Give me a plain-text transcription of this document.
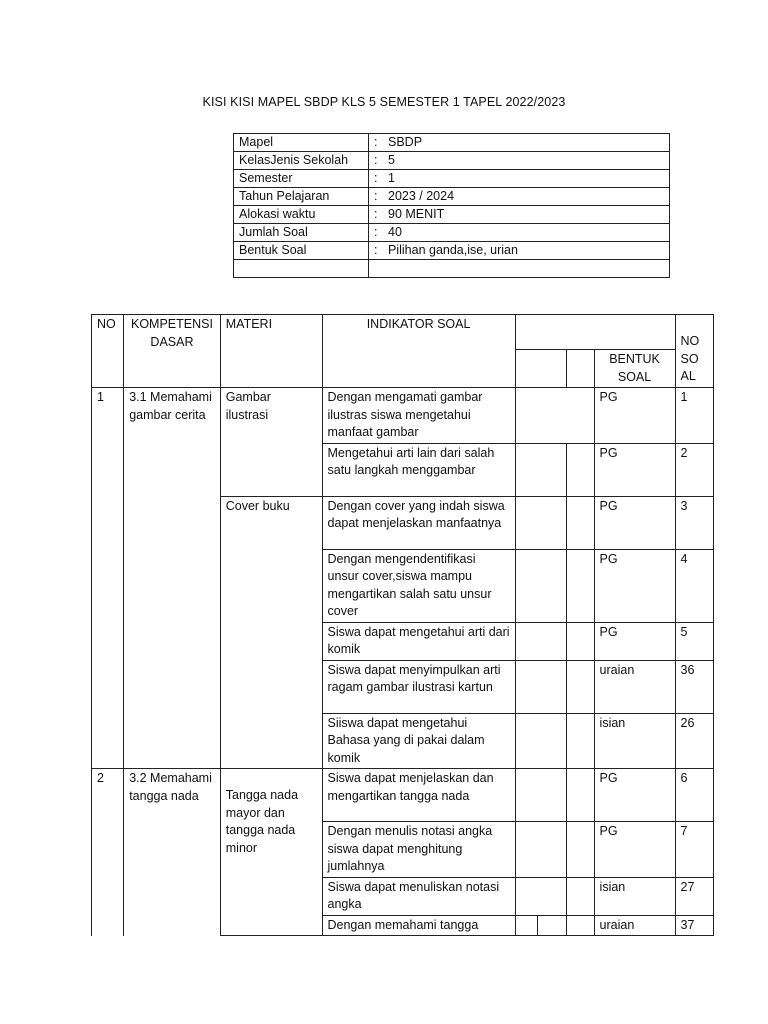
KISI KISI MAPEL SBDP KLS 5 SEMESTER 1 TAPEL 2022/2023
Mapel	: SBDP
KelasJenis Sekolah	: 5
Semester	: 1
Tahun Pelajaran	: 2023 / 2024
Alokasi waktu	: 90 MENIT
Jumlah Soal	: 40
Bentuk Soal	: Pilihan ganda,ise, urian

NO	KOMPETENSI DASAR	MATERI	INDIKATOR SOAL					NO SO AL
							BENTUK SOAL	
1	3.1 Memahami gambar cerita	Gambar ilustrasi	Dengan mengamati gambar ilustras siswa mengetahui manfaat gambar				PG	1
			Mengetahui arti lain dari salah satu langkah menggambar				PG	2
		Cover buku	Dengan cover yang indah siswa dapat menjelaskan manfaatnya				PG	3
			Dengan mengendentifikasi unsur cover,siswa mampu mengartikan salah satu unsur cover				PG	4
			Siswa dapat mengetahui arti dari komik				PG	5
			Siswa dapat menyimpulkan arti ragam gambar ilustrasi kartun				uraian	36
			Siiswa dapat mengetahui Bahasa yang di pakai dalam komik				isian	26
2	3.2 Memahami tangga nada	Tangga nada mayor dan tangga nada minor	Siswa dapat menjelaskan dan mengartikan tangga nada				PG	6
			Dengan menulis notasi angka siswa dapat menghitung jumlahnya				PG	7
			Siswa dapat menuliskan notasi angka				isian	27
			Dengan memahami tangga				uraian	37
